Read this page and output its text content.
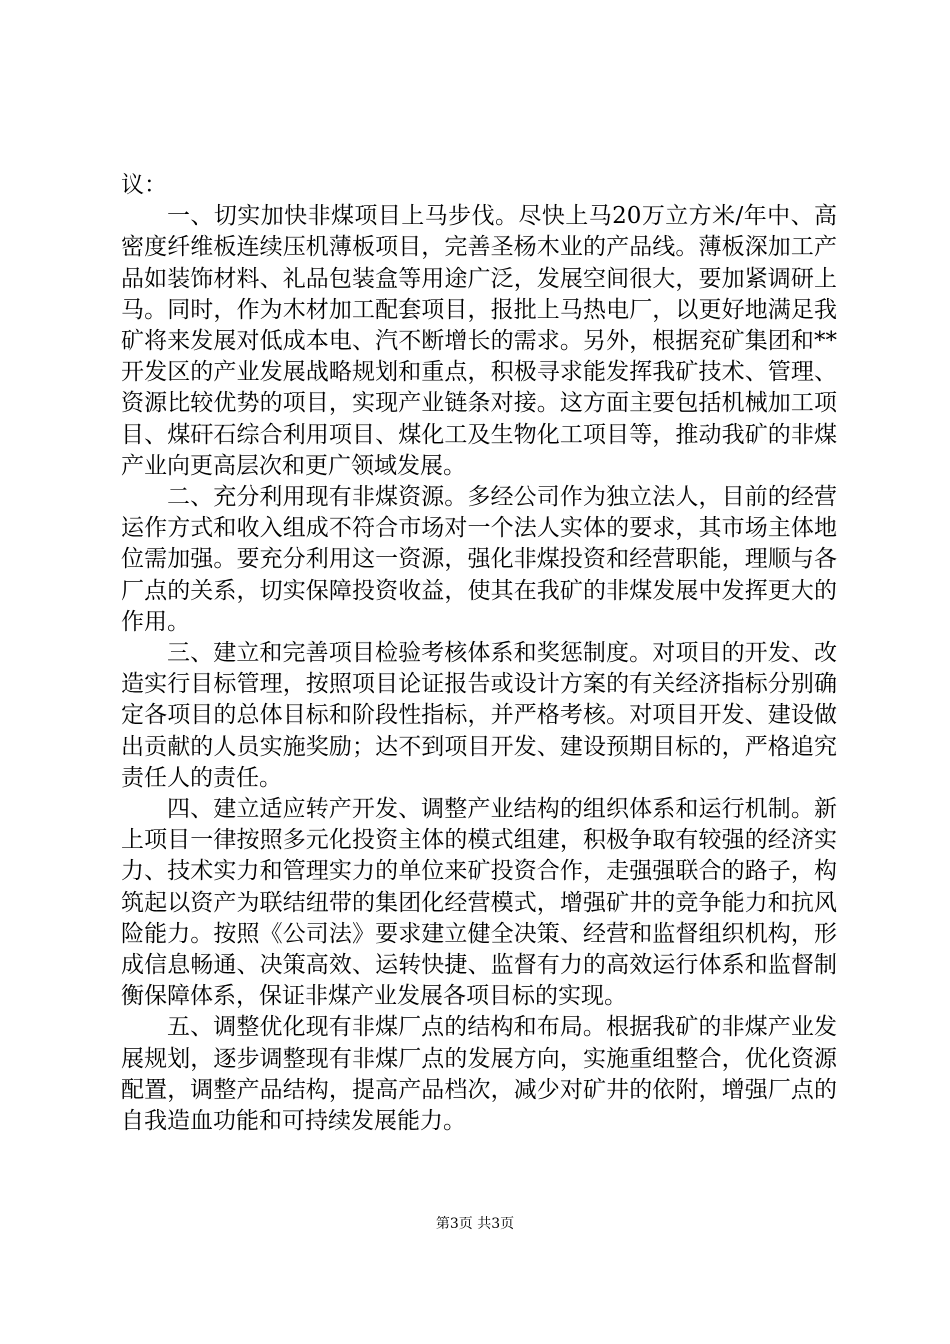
议：

一、切实加快非煤项目上马步伐。尽快上马20万立方米/年中、高密度纤维板连续压机薄板项目，完善圣杨木业的产品线。薄板深加工产品如装饰材料、礼品包装盒等用途广泛，发展空间很大，要加紧调研上马。同时，作为木材加工配套项目，报批上马热电厂，以更好地满足我矿将来发展对低成本电、汽不断增长的需求。另外，根据兖矿集团和**开发区的产业发展战略规划和重点，积极寻求能发挥我矿技术、管理、资源比较优势的项目，实现产业链条对接。这方面主要包括机械加工项目、煤矸石综合利用项目、煤化工及生物化工项目等，推动我矿的非煤产业向更高层次和更广领域发展。

二、充分利用现有非煤资源。多经公司作为独立法人，目前的经营运作方式和收入组成不符合市场对一个法人实体的要求，其市场主体地位需加强。要充分利用这一资源，强化非煤投资和经营职能，理顺与各厂点的关系，切实保障投资收益，使其在我矿的非煤发展中发挥更大的作用。

三、建立和完善项目检验考核体系和奖惩制度。对项目的开发、改造实行目标管理，按照项目论证报告或设计方案的有关经济指标分别确定各项目的总体目标和阶段性指标，并严格考核。对项目开发、建设做出贡献的人员实施奖励；达不到项目开发、建设预期目标的，严格追究责任人的责任。

四、建立适应转产开发、调整产业结构的组织体系和运行机制。新上项目一律按照多元化投资主体的模式组建，积极争取有较强的经济实力、技术实力和管理实力的单位来矿投资合作，走强强联合的路子，构筑起以资产为联结纽带的集团化经营模式，增强矿井的竞争能力和抗风险能力。按照《公司法》要求建立健全决策、经营和监督组织机构，形成信息畅通、决策高效、运转快捷、监督有力的高效运行体系和监督制衡保障体系，保证非煤产业发展各项目标的实现。

五、调整优化现有非煤厂点的结构和布局。根据我矿的非煤产业发展规划，逐步调整现有非煤厂点的发展方向，实施重组整合，优化资源配置，调整产品结构，提高产品档次，减少对矿井的依附，增强厂点的自我造血功能和可持续发展能力。

第3页 共3页
